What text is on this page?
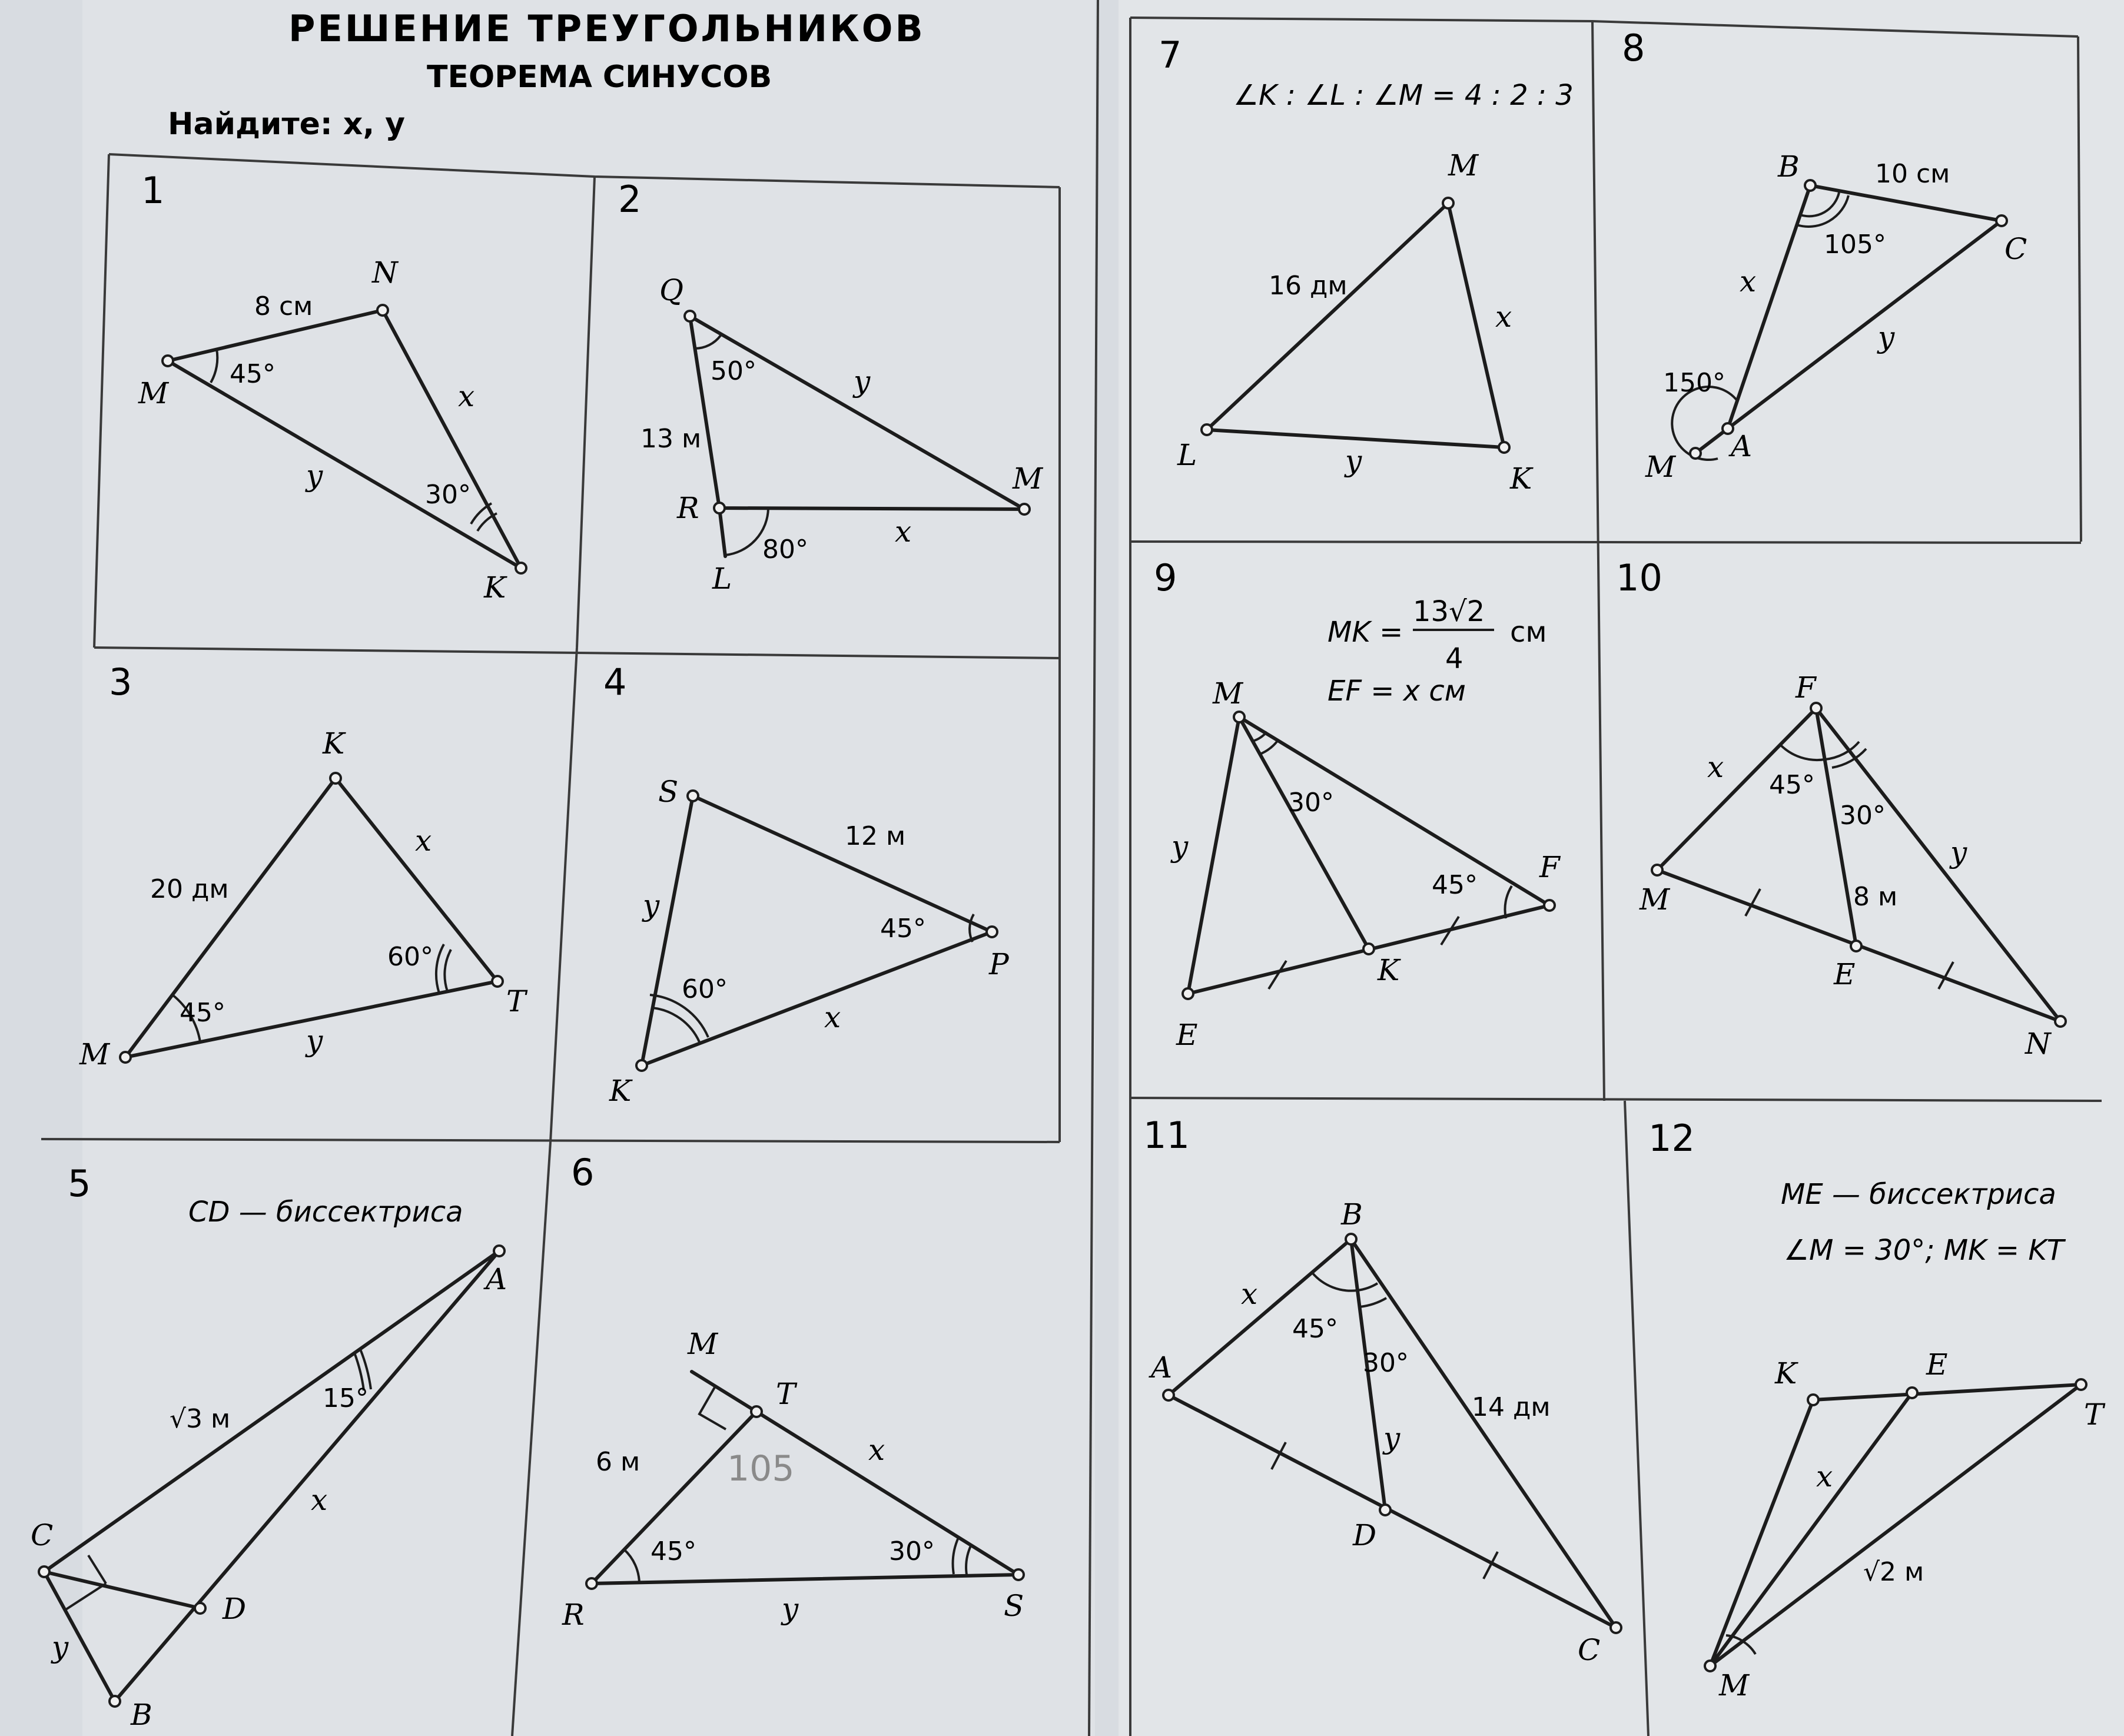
РЕШЕНИЕ ТРЕУГОЛЬНИКОВ
ТЕОРЕМА СИНУСОВ
Найдите: x, y
1
8 см
45°
30°
M
N
K
x
y
2
50°
13 м
80°
Q
R
M
L
x
y
3
20 дм
45°
60°
K
M
T
x
y
4
12 м
45°
60°
S
P
K
x
y
5
CD — биссектриса
√3 м
15°
A
C
D
B
x
y
6
105
6 м
45°	30°
M
T
R	S
x
y
7
∠K : ∠L : ∠M = 4 : 2 : 3
16 дм
M
L
K
x
y
8
10 см
105°
150°
B
C
A
M
x
y
9
MK =
13√2
4
см
EF = x см
30°
45°
M
F
K
E
y
10
45°
30°
8 м
F
M
E
N
x
y
11
45°
30°
14 дм
B
A
D
C
x
y
12
ME — биссектриса
∠M = 30°; MK = KT
√2 м
K	E
T
M
x
